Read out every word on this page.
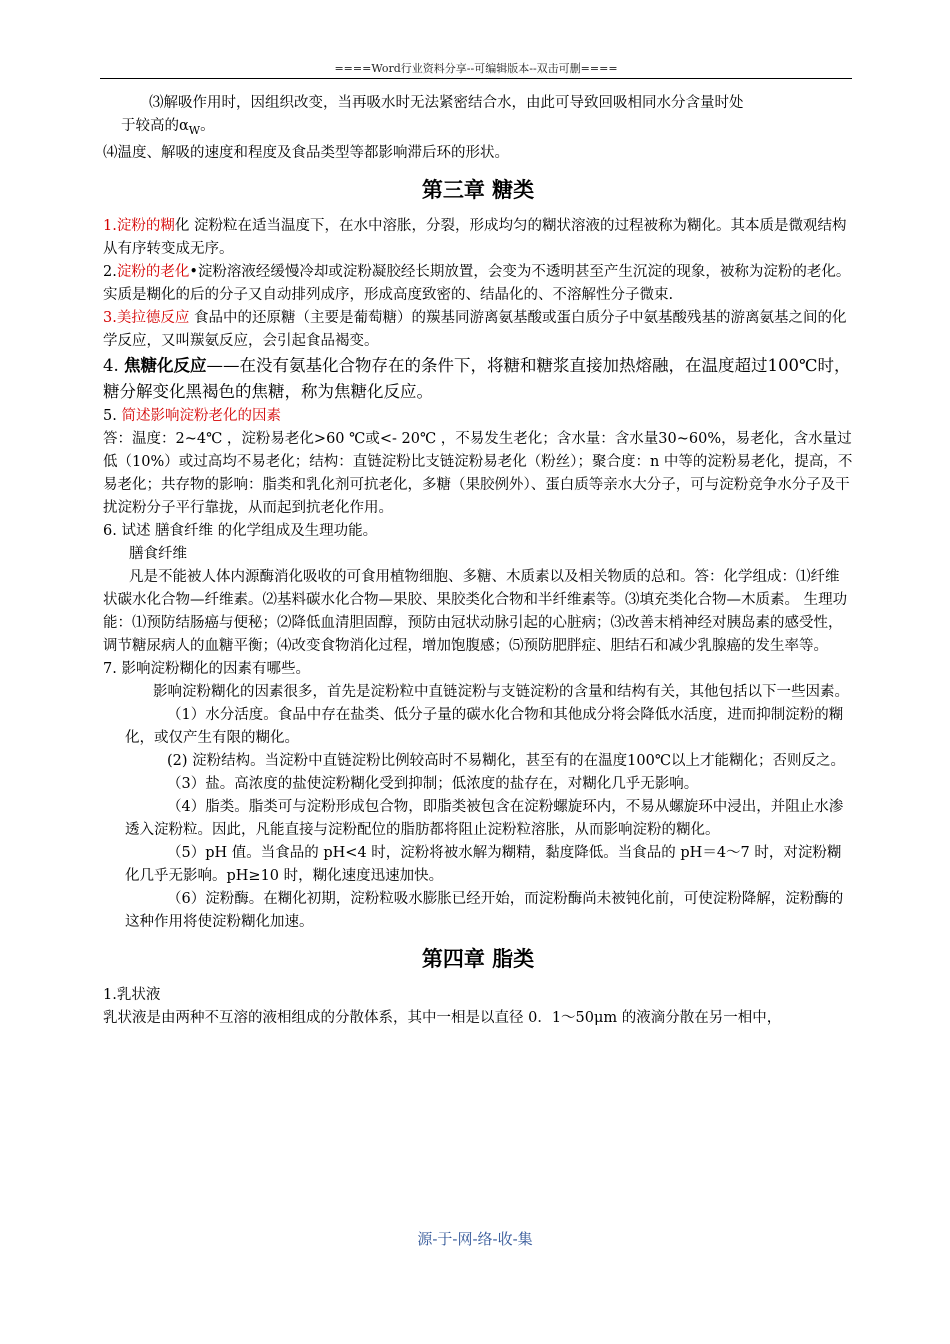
====Word行业资料分享--可编辑版本--双击可删====

⑶解吸作用时，因组织改变，当再吸水时无法紧密结合水，由此可导致回吸相同水分含量时处

于较高的$\alpha_W$。

⑷温度、解吸的速度和程度及食品类型等都影响滞后环的形状。

第三章 糖类

1.淀粉的糊化 淀粉粒在适当温度下，在水中溶胀，分裂，形成均匀的糊状溶液的过程被称为糊化。其本质是微观结构从有序转变成无序。

2.淀粉的老化•淀粉溶液经缓慢冷却或淀粉凝胶经长期放置，会变为不透明甚至产生沉淀的现象，被称为淀粉的老化。实质是糊化的后的分子又自动排列成序，形成高度致密的、结晶化的、不溶解性分子微束.

3.美拉德反应 食品中的还原糖（主要是葡萄糖）的羰基同游离氨基酸或蛋白质分子中氨基酸残基的游离氨基之间的化学反应，又叫羰氨反应，会引起食品褐变。

4. 焦糖化反应——在没有氨基化合物存在的条件下，将糖和糖浆直接加热熔融，在温度超过100℃时，糖分解变化黑褐色的焦糖，称为焦糖化反应。

5. 简述影响淀粉老化的因素

答：温度：2~4℃ ，淀粉易老化>60 ℃或<- 20℃ ，不易发生老化；含水量：含水量30~60%，易老化，含水量过低（10%）或过高均不易老化；结构：直链淀粉比支链淀粉易老化（粉丝）；聚合度：n 中等的淀粉易老化，提高，不易老化；共存物的影响：脂类和乳化剂可抗老化，多糖（果胶例外）、蛋白质等亲水大分子，可与淀粉竞争水分子及干扰淀粉分子平行靠拢，从而起到抗老化作用。

6. 试述 膳食纤维 的化学组成及生理功能。

膳食纤维

凡是不能被人体内源酶消化吸收的可食用植物细胞、多糖、木质素以及相关物质的总和。答：化学组成：⑴纤维状碳水化合物—纤维素。⑵基料碳水化合物—果胶、果胶类化合物和半纤维素等。⑶填充类化合物—木质素。 生理功能：⑴预防结肠癌与便秘；⑵降低血清胆固醇，预防由冠状动脉引起的心脏病；⑶改善末梢神经对胰岛素的感受性，调节糖尿病人的血糖平衡；⑷改变食物消化过程，增加饱腹感；⑸预防肥胖症、胆结石和减少乳腺癌的发生率等。

7. 影响淀粉糊化的因素有哪些。

影响淀粉糊化的因素很多，首先是淀粉粒中直链淀粉与支链淀粉的含量和结构有关，其他包括以下一些因素。

（1）水分活度。食品中存在盐类、低分子量的碳水化合物和其他成分将会降低水活度，进而抑制淀粉的糊化，或仅产生有限的糊化。

(2) 淀粉结构。当淀粉中直链淀粉比例较高时不易糊化，甚至有的在温度100℃以上才能糊化；否则反之。

（3）盐。高浓度的盐使淀粉糊化受到抑制；低浓度的盐存在，对糊化几乎无影响。

（4）脂类。脂类可与淀粉形成包合物，即脂类被包含在淀粉螺旋环内，不易从螺旋环中浸出，并阻止水渗透入淀粉粒。因此，凡能直接与淀粉配位的脂肪都将阻止淀粉粒溶胀，从而影响淀粉的糊化。

（5）pH 值。当食品的 pH<4 时，淀粉将被水解为糊精，黏度降低。当食品的 pH＝4～7 时，对淀粉糊化几乎无影响。pH≥10 时，糊化速度迅速加快。

（6）淀粉酶。在糊化初期，淀粉粒吸水膨胀已经开始，而淀粉酶尚未被钝化前，可使淀粉降解，淀粉酶的这种作用将使淀粉糊化加速。

第四章 脂类

1.乳状液

乳状液是由两种不互溶的液相组成的分散体系，其中一相是以直径 0．1～50μm 的液滴分散在另一相中，

源-于-网-络-收-集
